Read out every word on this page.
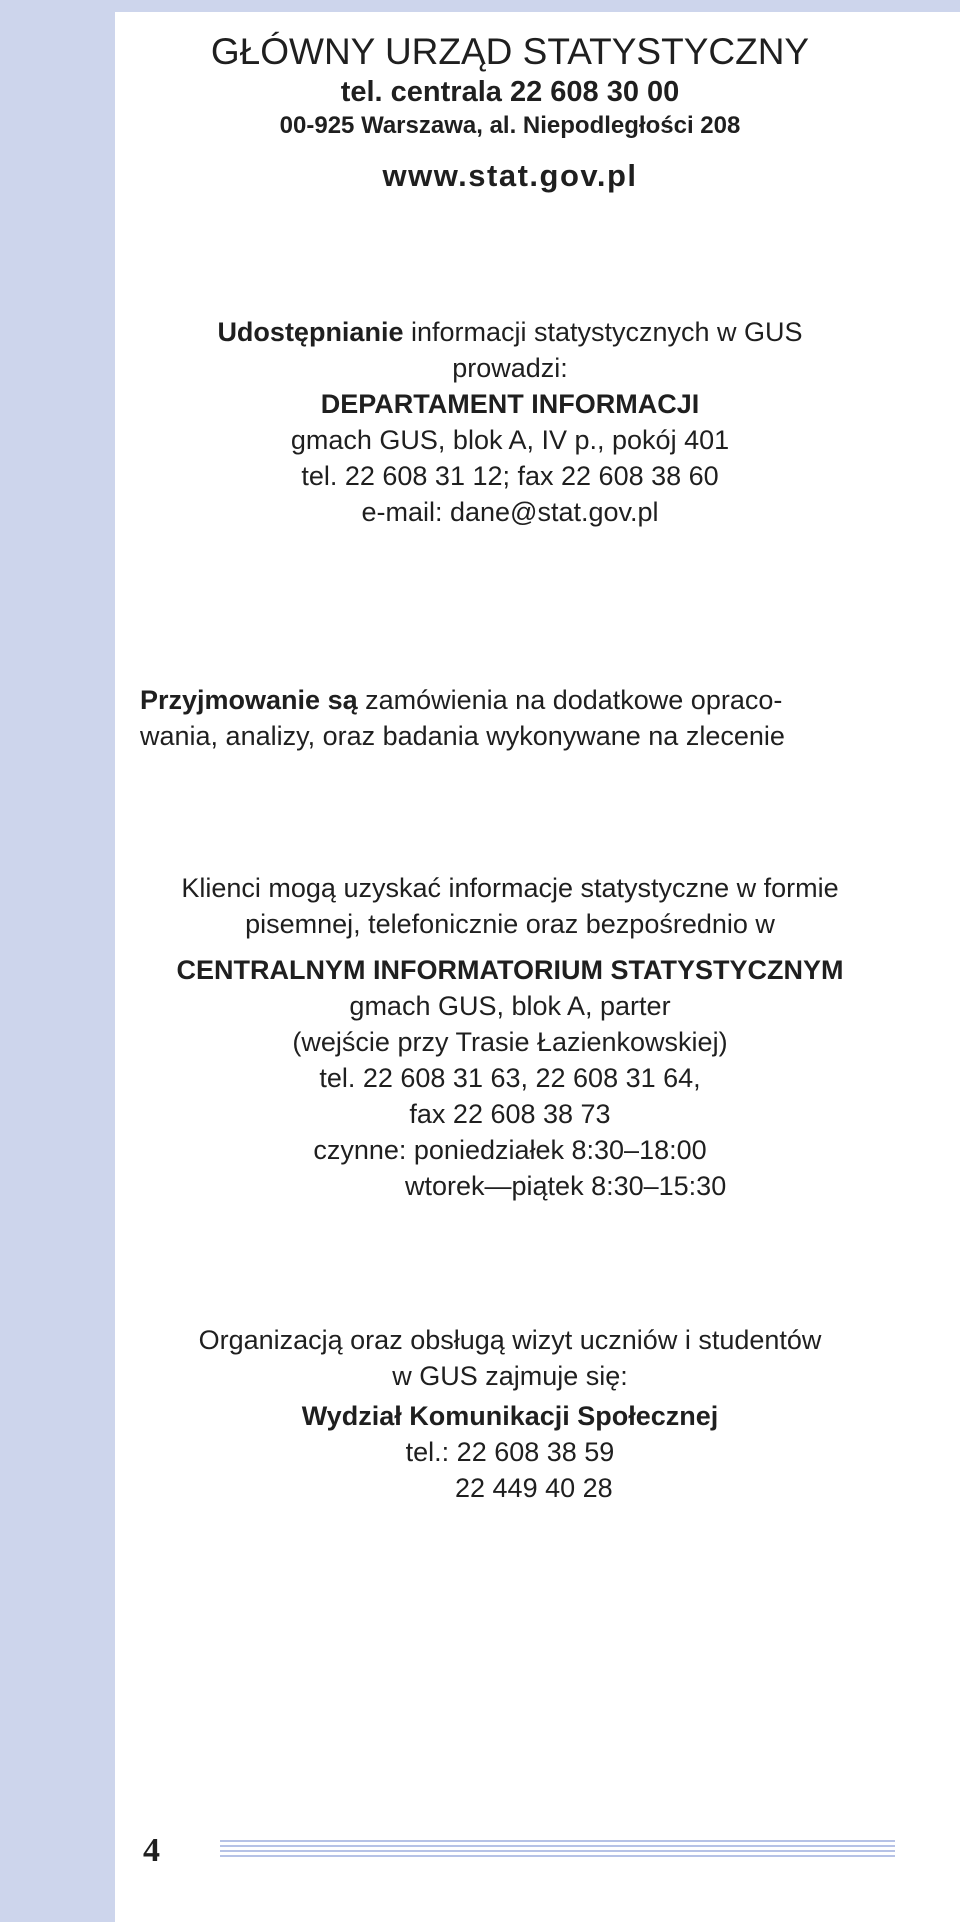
GŁÓWNY URZĄD STATYSTYCZNY
tel. centrala 22 608 30 00
00-925 Warszawa, al. Niepodległości 208
www.stat.gov.pl
Udostępnianie informacji statystycznych w GUS
prowadzi:
DEPARTAMENT INFORMACJI
gmach GUS, blok A, IV p., pokój 401
tel. 22 608 31 12; fax 22 608 38 60
e-mail: dane@stat.gov.pl
Przyjmowanie są zamówienia na dodatkowe opraco-
wania, analizy, oraz badania wykonywane na zlecenie
Klienci mogą uzyskać informacje statystyczne w formie
pisemnej, telefonicznie oraz bezpośrednio w
CENTRALNYM INFORMATORIUM STATYSTYCZNYM
gmach GUS, blok A, parter
(wejście przy Trasie Łazienkowskiej)
tel. 22 608 31 63, 22 608 31 64,
fax 22 608 38 73
czynne: poniedziałek 8:30–18:00
wtorek—piątek 8:30–15:30
Organizacją oraz obsługą wizyt uczniów i studentów
w GUS zajmuje się:
Wydział Komunikacji Społecznej
tel.: 22 608 38 59
22 449 40 28
4
